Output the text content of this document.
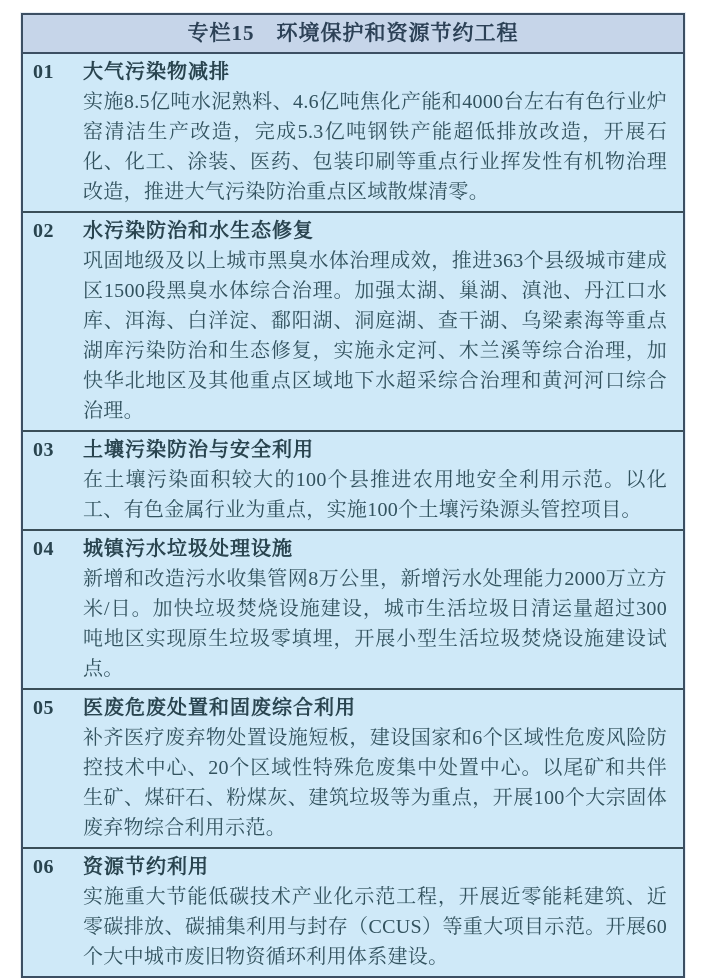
专栏15　环境保护和资源节约工程
01	大气污染物减排

实施8.5亿吨水泥熟料、4.6亿吨焦化产能和4000台左右有色行业炉窑清洁生产改造，完成5.3亿吨钢铁产能超低排放改造，开展石化、化工、涂装、医药、包装印刷等重点行业挥发性有机物治理改造，推进大气污染防治重点区域散煤清零。

02	水污染防治和水生态修复

巩固地级及以上城市黑臭水体治理成效，推进363个县级城市建成区1500段黑臭水体综合治理。加强太湖、巢湖、滇池、丹江口水库、洱海、白洋淀、鄱阳湖、洞庭湖、查干湖、乌梁素海等重点湖库污染防治和生态修复，实施永定河、木兰溪等综合治理，加快华北地区及其他重点区域地下水超采综合治理和黄河河口综合治理。

03	土壤污染防治与安全利用

在土壤污染面积较大的100个县推进农用地安全利用示范。以化工、有色金属行业为重点，实施100个土壤污染源头管控项目。

04	城镇污水垃圾处理设施

新增和改造污水收集管网8万公里，新增污水处理能力2000万立方米/日。加快垃圾焚烧设施建设，城市生活垃圾日清运量超过300吨地区实现原生垃圾零填埋，开展小型生活垃圾焚烧设施建设试点。

05	医废危废处置和固废综合利用

补齐医疗废弃物处置设施短板，建设国家和6个区域性危废风险防控技术中心、20个区域性特殊危废集中处置中心。以尾矿和共伴生矿、煤矸石、粉煤灰、建筑垃圾等为重点，开展100个大宗固体废弃物综合利用示范。

06	资源节约利用

实施重大节能低碳技术产业化示范工程，开展近零能耗建筑、近零碳排放、碳捕集利用与封存（CCUS）等重大项目示范。开展60个大中城市废旧物资循环利用体系建设。
